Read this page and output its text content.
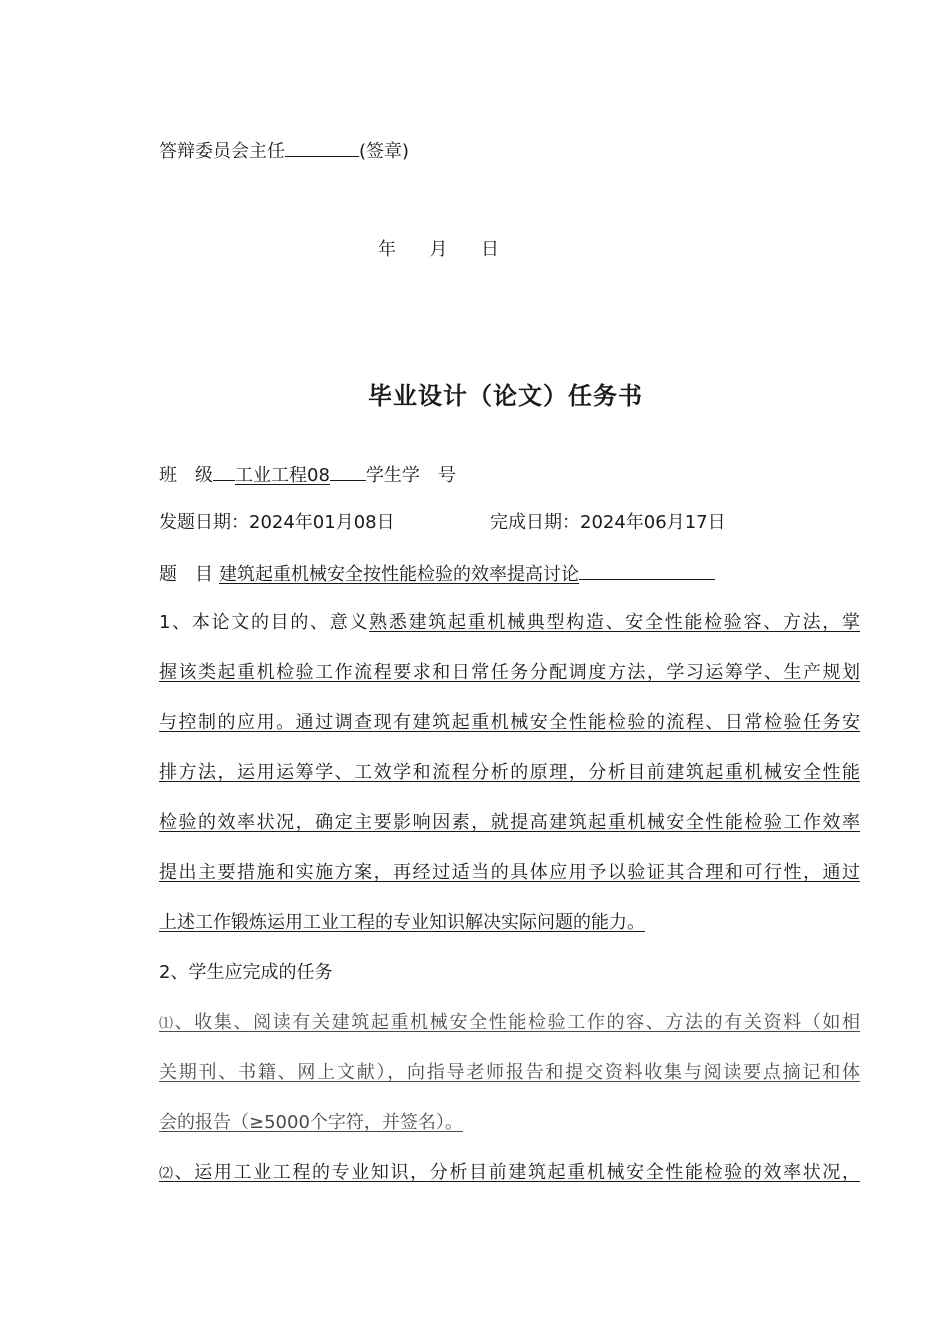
答辩委员会主任	(签章)
年 月 日
毕业设计（论文）任务书
班　级 工业工程08 学生学　号
发题日期：2024年01月08日	完成日期：2024年06月17日
题　目 建筑起重机械安全按性能检验的效率提高讨论
1、本论文的目的、意义熟悉建筑起重机械典型构造、安全性能检验容、方法，掌
握该类起重机检验工作流程要求和日常任务分配调度方法，学习运筹学、生产规划
与控制的应用。通过调查现有建筑起重机械安全性能检验的流程、日常检验任务安
排方法，运用运筹学、工效学和流程分析的原理，分析目前建筑起重机械安全性能
检验的效率状况，确定主要影响因素，就提高建筑起重机械安全性能检验工作效率
提出主要措施和实施方案，再经过适当的具体应用予以验证其合理和可行性，通过
上述工作锻炼运用工业工程的专业知识解决实际问题的能力。
2、学生应完成的任务
⑴、收集、阅读有关建筑起重机械安全性能检验工作的容、方法的有关资料（如相
关期刊、书籍、网上文献），向指导老师报告和提交资料收集与阅读要点摘记和体
会的报告（≥5000个字符，并签名）。
⑵、运用工业工程的专业知识，分析目前建筑起重机械安全性能检验的效率状况，
